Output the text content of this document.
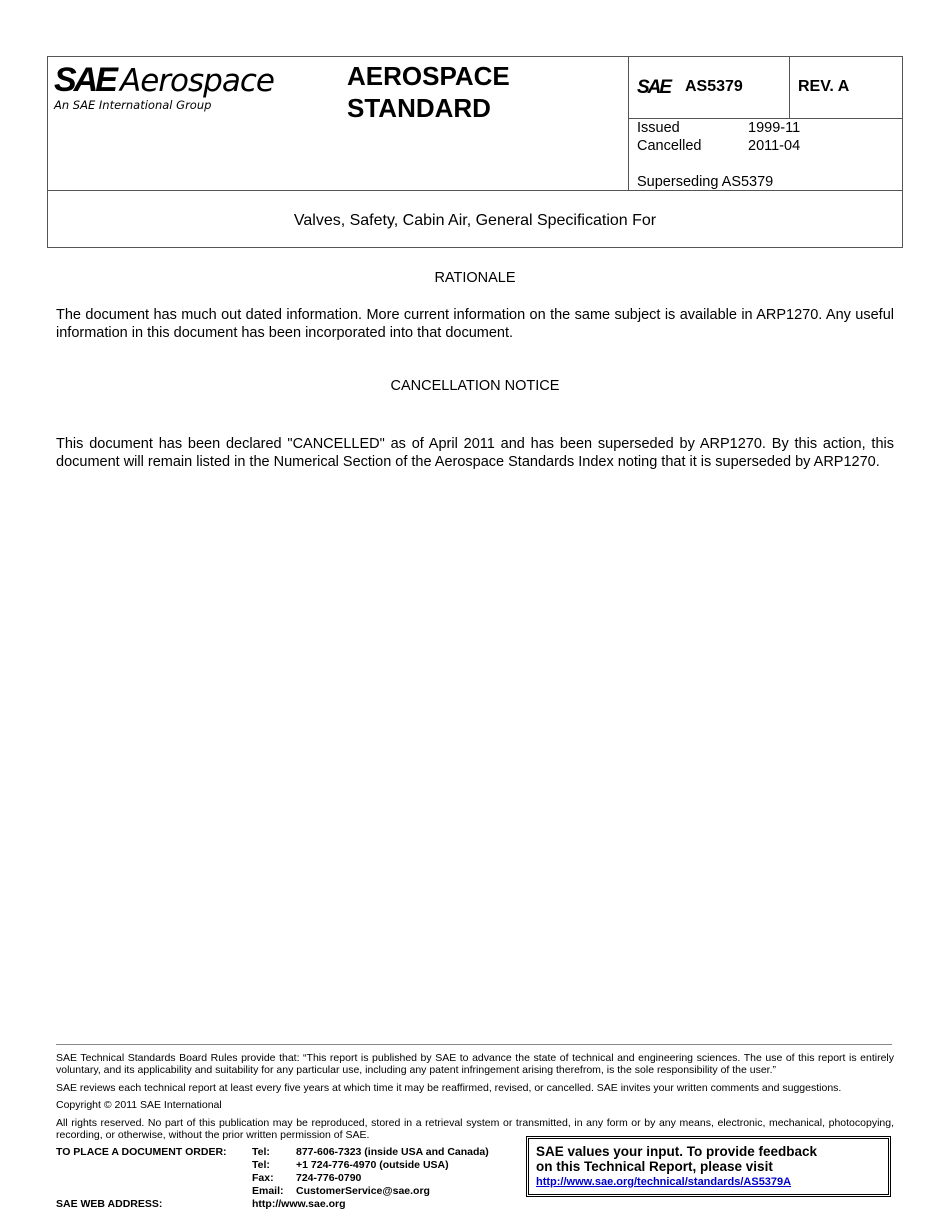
SAE Aerospace
An SAE International Group
AEROSPACE
STANDARD
SAE AS5379	REV. A
Issued	1999-11
Cancelled	2011-04
Superseding AS5379
Valves, Safety, Cabin Air, General Specification For
RATIONALE
The document has much out dated information. More current information on the same subject is available in ARP1270. Any useful information in this document has been incorporated into that document.
CANCELLATION NOTICE
This document has been declared "CANCELLED" as of April 2011 and has been superseded by ARP1270. By this action, this document will remain listed in the Numerical Section of the Aerospace Standards Index noting that it is superseded by ARP1270.
SAE Technical Standards Board Rules provide that: “This report is published by SAE to advance the state of technical and engineering sciences. The use of this report is entirely voluntary, and its applicability and suitability for any particular use, including any patent infringement arising therefrom, is the sole responsibility of the user.”
SAE reviews each technical report at least every five years at which time it may be reaffirmed, revised, or cancelled. SAE invites your written comments and suggestions.
Copyright © 2011 SAE International
All rights reserved. No part of this publication may be reproduced, stored in a retrieval system or transmitted, in any form or by any means, electronic, mechanical, photocopying, recording, or otherwise, without the prior written permission of SAE.
TO PLACE A DOCUMENT ORDER: Tel: 877-606-7323 (inside USA and Canada)
Tel: +1 724-776-4970 (outside USA)
Fax: 724-776-0790
Email: CustomerService@sae.org
SAE values your input. To provide feedback on this Technical Report, please visit
http://www.sae.org/technical/standards/AS5379A
SAE WEB ADDRESS:	http://www.sae.org
